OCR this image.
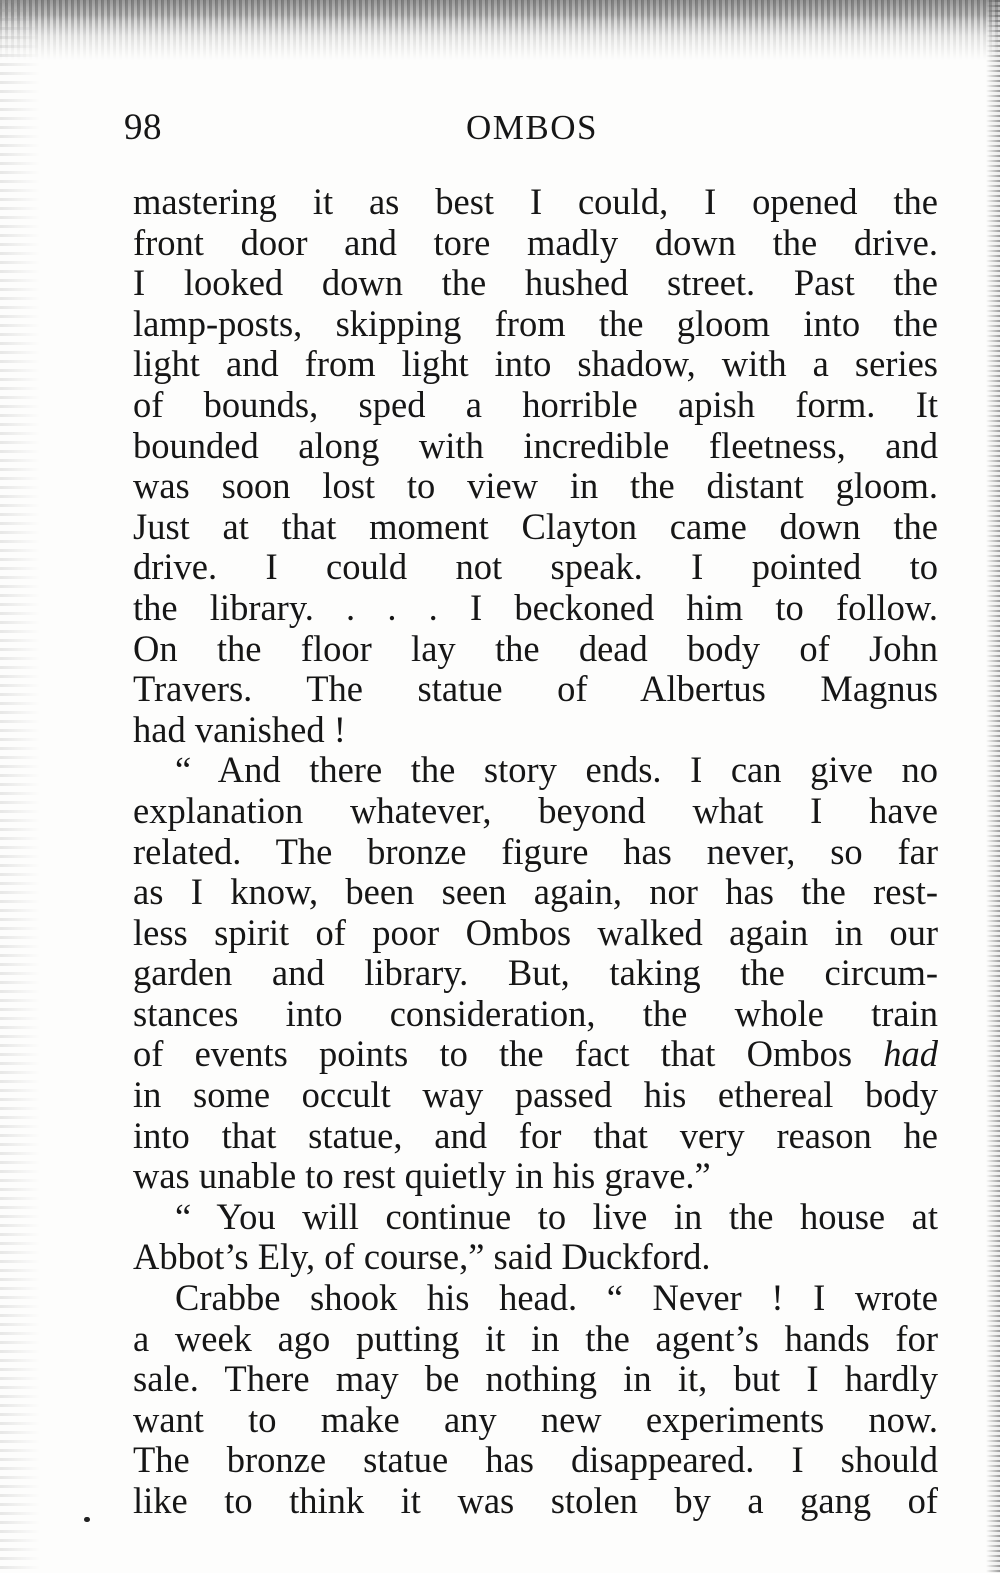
98	OMBOS
mastering it as best I could, I opened the
front door and tore madly down the drive.
I looked down the hushed street. Past the
lamp-posts, skipping from the gloom into the
light and from light into shadow, with a series
of bounds, sped a horrible apish form. It
bounded along with incredible fleetness, and
was soon lost to view in the distant gloom.
Just at that moment Clayton came down the
drive. I could not speak. I pointed to
the library. . . . I beckoned him to follow.
On the floor lay the dead body of John
Travers. The statue of Albertus Magnus
had vanished !
“ And there the story ends. I can give no
explanation whatever, beyond what I have
related. The bronze figure has never, so far
as I know, been seen again, nor has the rest-
less spirit of poor Ombos walked again in our
garden and library. But, taking the circum-
stances into consideration, the whole train
of events points to the fact that Ombos had
in some occult way passed his ethereal body
into that statue, and for that very reason he
was unable to rest quietly in his grave.”
“ You will continue to live in the house at
Abbot’s Ely, of course,” said Duckford.
Crabbe shook his head. “ Never ! I wrote
a week ago putting it in the agent’s hands for
sale. There may be nothing in it, but I hardly
want to make any new experiments now.
The bronze statue has disappeared. I should
like to think it was stolen by a gang of
